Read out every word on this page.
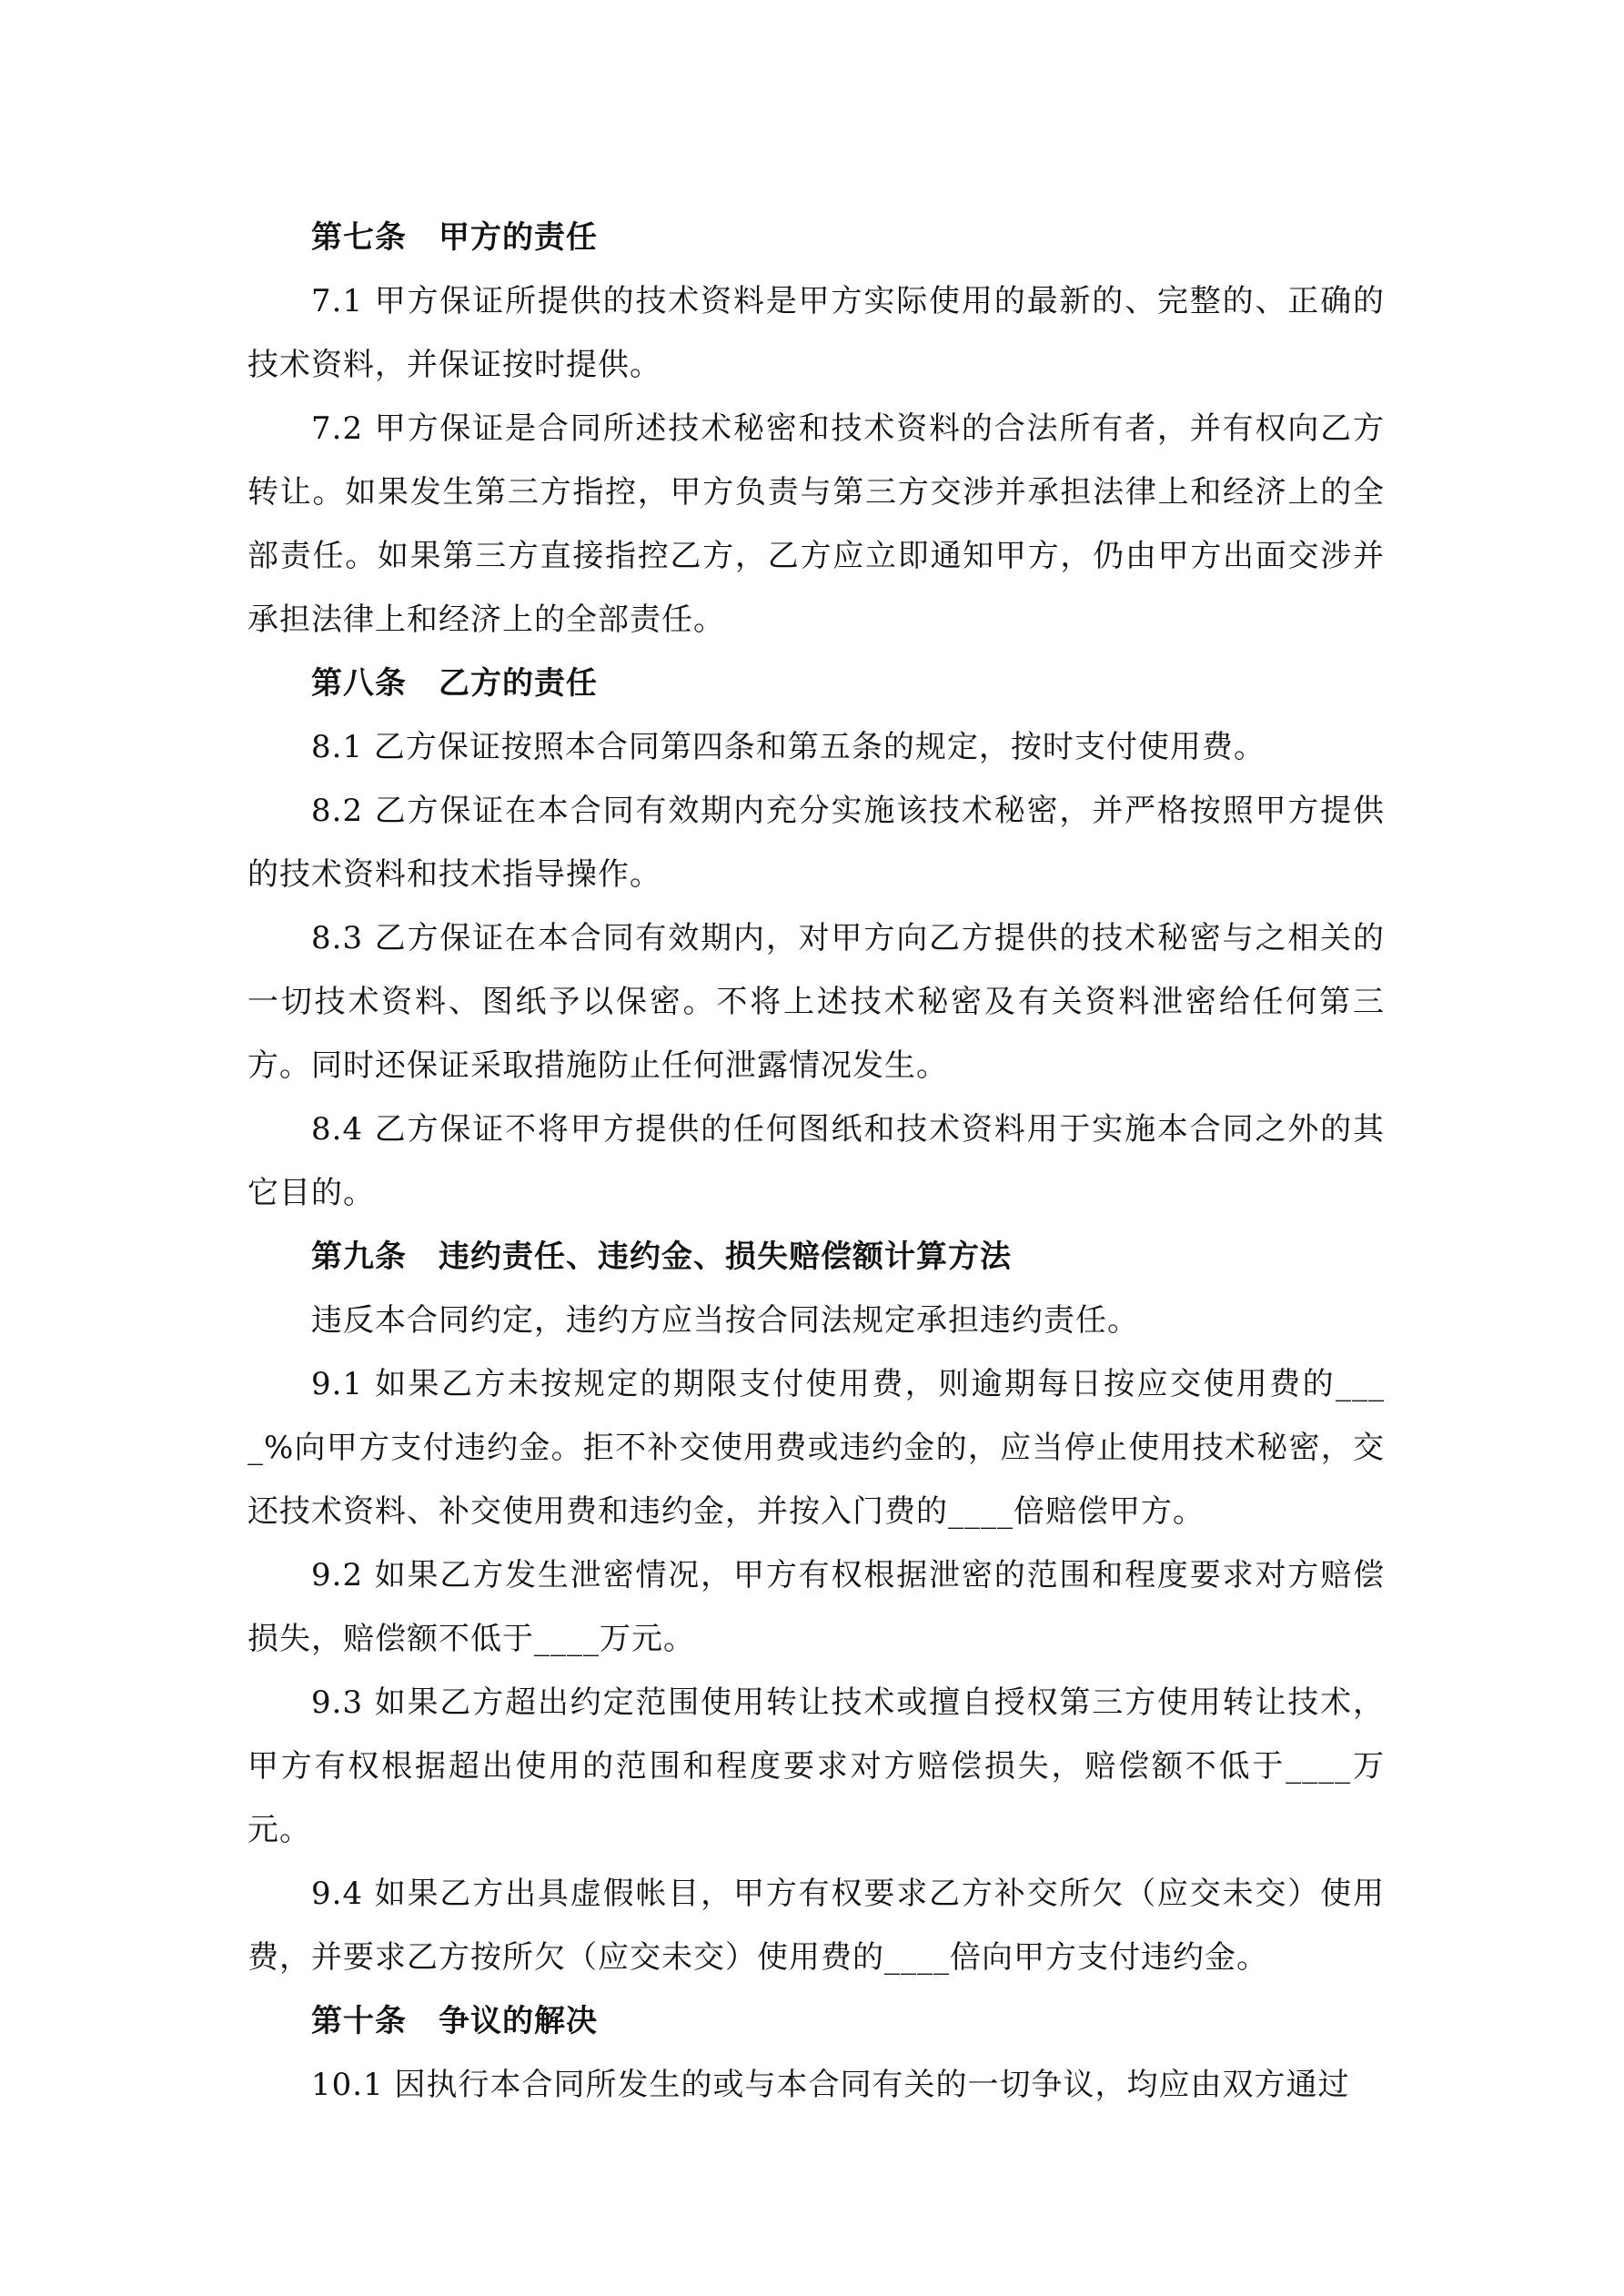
第七条　甲方的责任

7.1 甲方保证所提供的技术资料是甲方实际使用的最新的、完整的、正确的技术资料，并保证按时提供。

7.2 甲方保证是合同所述技术秘密和技术资料的合法所有者，并有权向乙方转让。如果发生第三方指控，甲方负责与第三方交涉并承担法律上和经济上的全部责任。如果第三方直接指控乙方，乙方应立即通知甲方，仍由甲方出面交涉并承担法律上和经济上的全部责任。

第八条　乙方的责任

8.1 乙方保证按照本合同第四条和第五条的规定，按时支付使用费。

8.2 乙方保证在本合同有效期内充分实施该技术秘密，并严格按照甲方提供的技术资料和技术指导操作。

8.3 乙方保证在本合同有效期内，对甲方向乙方提供的技术秘密与之相关的一切技术资料、图纸予以保密。不将上述技术秘密及有关资料泄密给任何第三方。同时还保证采取措施防止任何泄露情况发生。

8.4 乙方保证不将甲方提供的任何图纸和技术资料用于实施本合同之外的其它目的。

第九条　违约责任、违约金、损失赔偿额计算方法

违反本合同约定，违约方应当按合同法规定承担违约责任。

9.1 如果乙方未按规定的期限支付使用费，则逾期每日按应交使用费的____%向甲方支付违约金。拒不补交使用费或违约金的，应当停止使用技术秘密，交还技术资料、补交使用费和违约金，并按入门费的____倍赔偿甲方。

9.2 如果乙方发生泄密情况，甲方有权根据泄密的范围和程度要求对方赔偿损失，赔偿额不低于____万元。

9.3 如果乙方超出约定范围使用转让技术或擅自授权第三方使用转让技术，甲方有权根据超出使用的范围和程度要求对方赔偿损失，赔偿额不低于____万元。

9.4 如果乙方出具虚假帐目，甲方有权要求乙方补交所欠（应交未交）使用费，并要求乙方按所欠（应交未交）使用费的____倍向甲方支付违约金。

第十条　争议的解决

10.1 因执行本合同所发生的或与本合同有关的一切争议，均应由双方通过
